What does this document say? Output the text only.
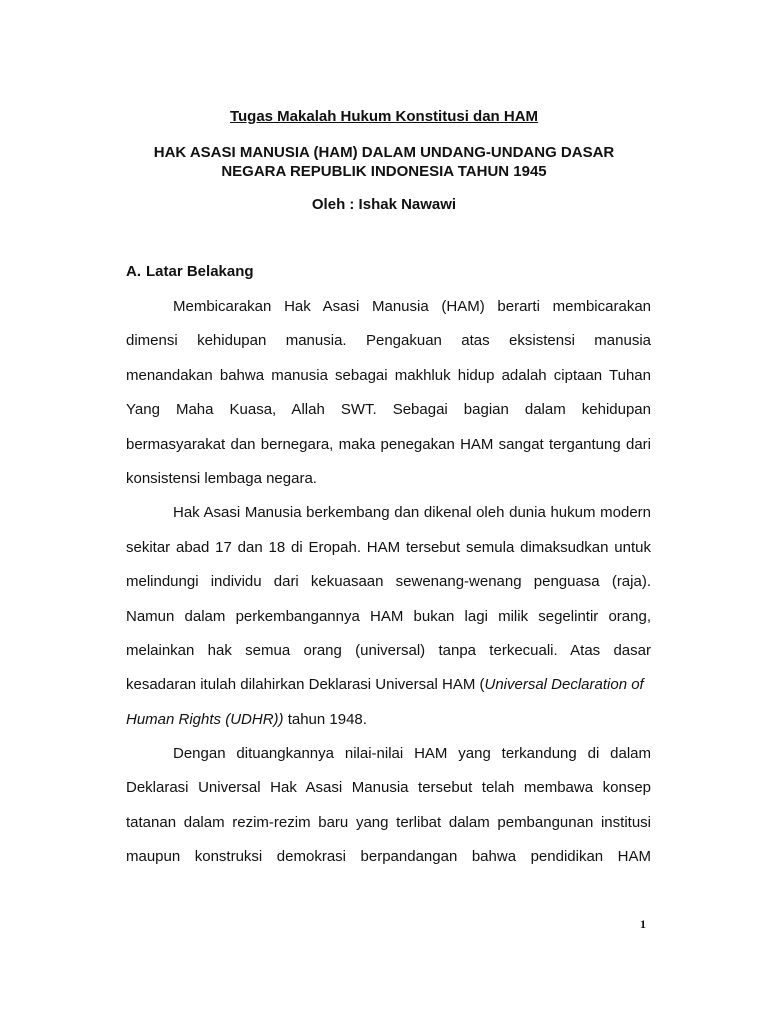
Tugas Makalah Hukum Konstitusi dan HAM

HAK ASASI MANUSIA (HAM) DALAM UNDANG-UNDANG DASAR
NEGARA REPUBLIK INDONESIA TAHUN 1945

Oleh : Ishak Nawawi

A. Latar Belakang
Membicarakan Hak Asasi Manusia (HAM) berarti membicarakan
dimensi kehidupan manusia. Pengakuan atas eksistensi manusia
menandakan bahwa manusia sebagai makhluk hidup adalah ciptaan Tuhan
Yang Maha Kuasa, Allah SWT. Sebagai bagian dalam kehidupan
bermasyarakat dan bernegara, maka penegakan HAM sangat tergantung dari
konsistensi lembaga negara.
Hak Asasi Manusia berkembang dan dikenal oleh dunia hukum modern
sekitar abad 17 dan 18 di Eropah. HAM tersebut semula dimaksudkan untuk
melindungi individu dari kekuasaan sewenang-wenang penguasa (raja).
Namun dalam perkembangannya HAM bukan lagi milik segelintir orang,
melainkan hak semua orang (universal) tanpa terkecuali. Atas dasar
kesadaran itulah dilahirkan Deklarasi Universal HAM (Universal Declaration of
Human Rights (UDHR)) tahun 1948.
Dengan dituangkannya nilai-nilai HAM yang terkandung di dalam
Deklarasi Universal Hak Asasi Manusia tersebut telah membawa konsep
tatanan dalam rezim-rezim baru yang terlibat dalam pembangunan institusi
maupun konstruksi demokrasi berpandangan bahwa pendidikan HAM

1
